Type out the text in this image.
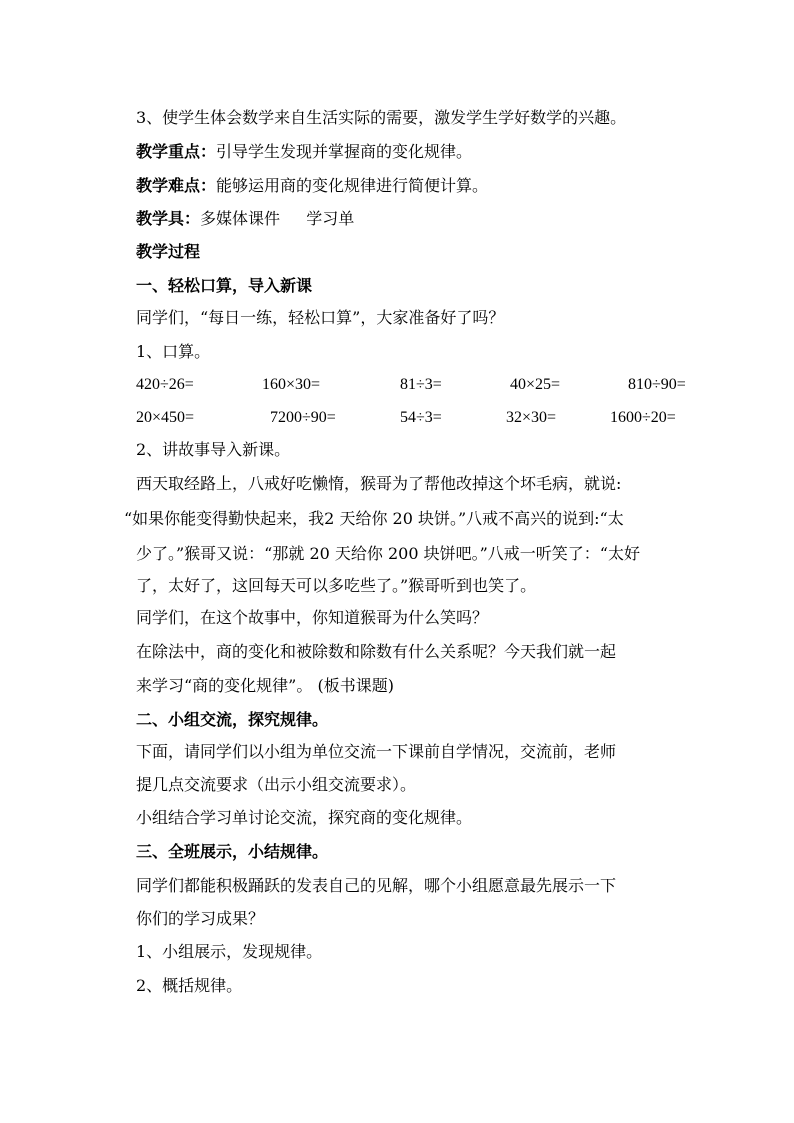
3、使学生体会数学来自生活实际的需要，激发学生学好数学的兴趣。
教学重点：引导学生发现并掌握商的变化规律。
教学难点：能够运用商的变化规律进行简便计算。
教学具：多媒体课件 　 学习单
教学过程
一、轻松口算，导入新课
同学们，“每日一练，轻松口算”，大家准备好了吗？
1、口算。
420÷26=	160×30=	81÷3=	40×25=	810÷90=
20×450=	7200÷90=	54÷3=	32×30=	1600÷20=
2、讲故事导入新课。
西天取经路上，八戒好吃懒惰，猴哥为了帮他改掉这个坏毛病，就说:
“如果你能变得勤快起来，我2 天给你 20 块饼。”八戒不高兴的说到:“太
少了。”猴哥又说：“那就 20 天给你 200 块饼吧。”八戒一听笑了：“太好
了，太好了，这回每天可以多吃些了。”猴哥听到也笑了。
同学们，在这个故事中，你知道猴哥为什么笑吗？
在除法中，商的变化和被除数和除数有什么关系呢？今天我们就一起
来学习“商的变化规律”。 (板书课题)
二、小组交流，探究规律。
下面，请同学们以小组为单位交流一下课前自学情况，交流前，老师
提几点交流要求（出示小组交流要求）。
小组结合学习单讨论交流，探究商的变化规律。
三、全班展示，小结规律。
同学们都能积极踊跃的发表自己的见解，哪个小组愿意最先展示一下
你们的学习成果？
1、小组展示，发现规律。
2、概括规律。
